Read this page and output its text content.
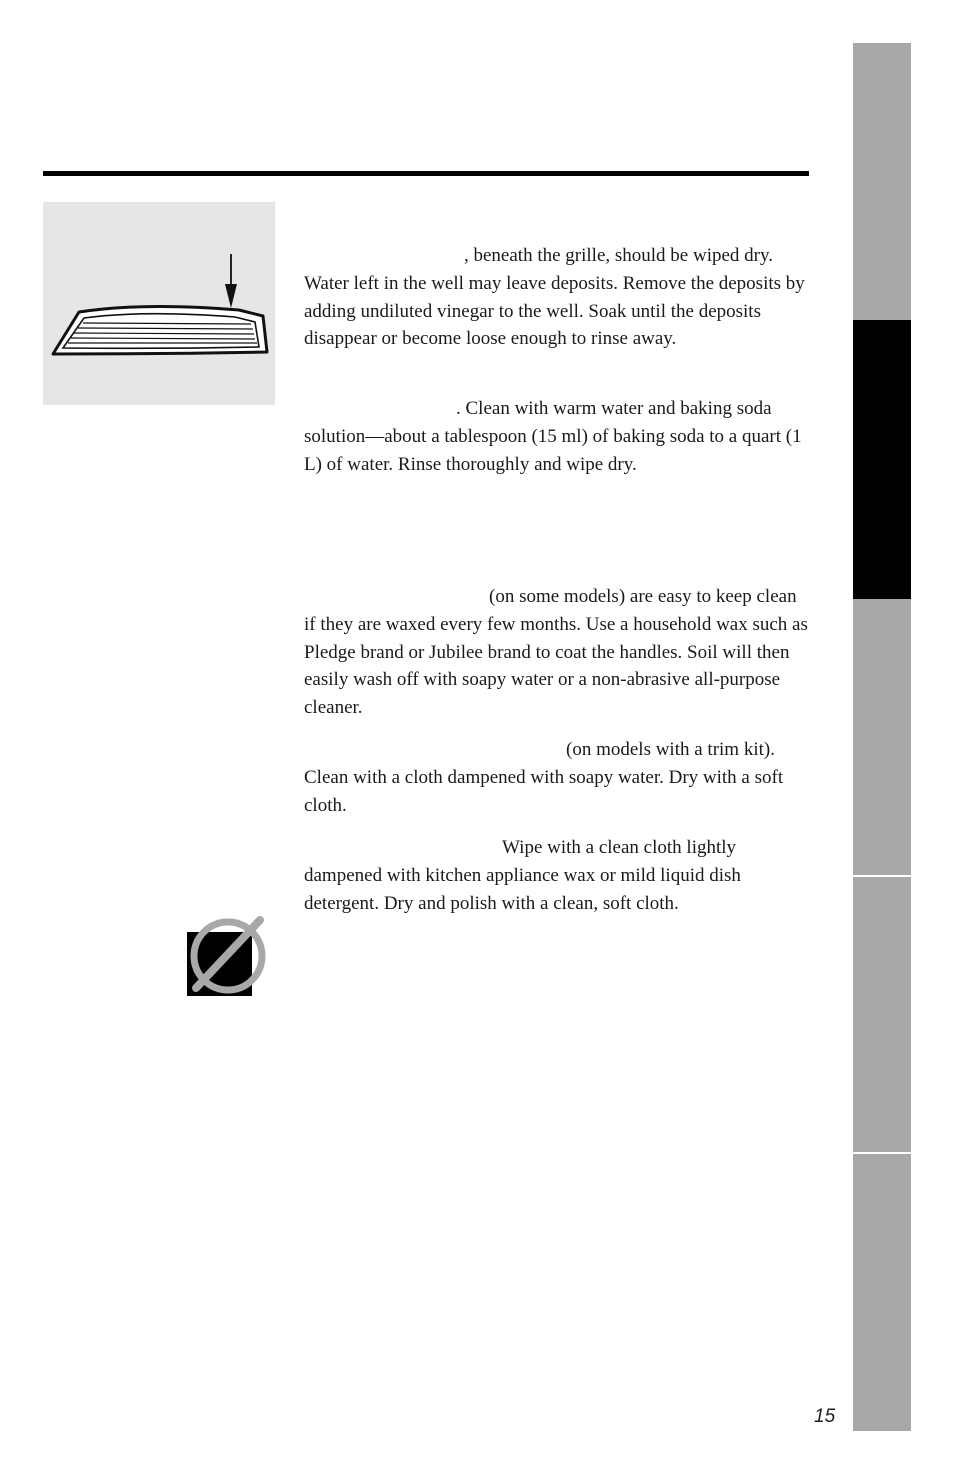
, beneath the grille, should be wiped dry. Water left in the well may leave deposits. Remove the deposits by adding undiluted vinegar to the well. Soak until the deposits disappear or become loose enough to rinse away.

. Clean with warm water and baking soda solution—about a tablespoon (15 ml) of baking soda to a quart (1 L) of water. Rinse thoroughly and wipe dry.

(on some models) are easy to keep clean if they are waxed every few months. Use a household wax such as Pledge brand or Jubilee brand to coat the handles. Soil will then easily wash off with soapy water or a non-abrasive all-purpose cleaner.

(on models with a trim kit). Clean with a cloth dampened with soapy water. Dry with a soft cloth.

Wipe with a clean cloth lightly dampened with kitchen appliance wax or mild liquid dish detergent. Dry and polish with a clean, soft cloth.

15
